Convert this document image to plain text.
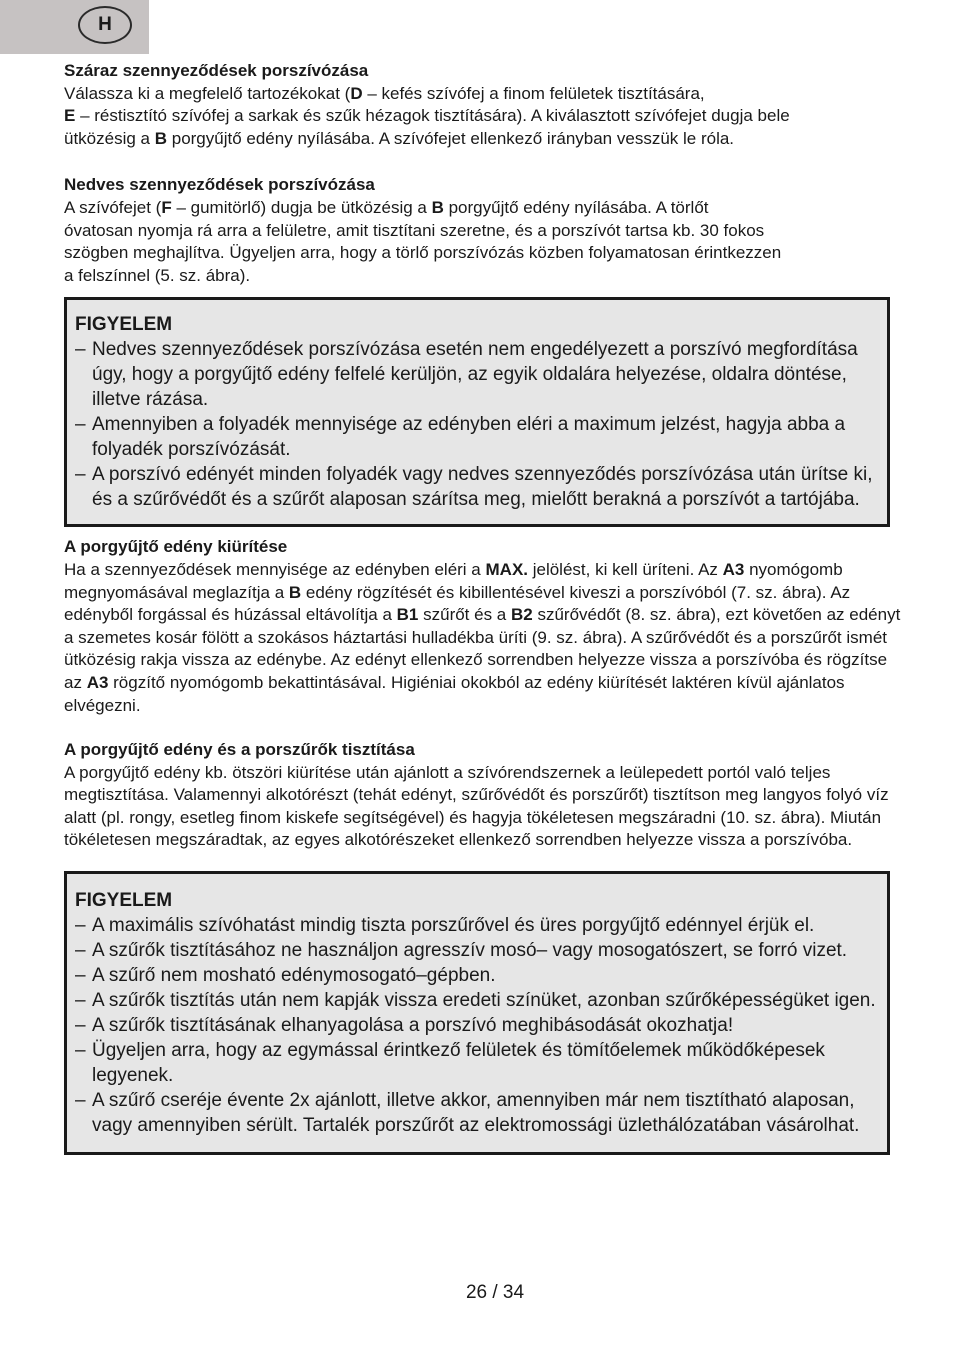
H
Száraz szennyeződések porszívózása

Válassza ki a megfelelő tartozékokat (D – kefés szívófej a finom felületek tisztítására,

E – réstisztító szívófej a sarkak és szűk hézagok tisztítására). A kiválasztott szívófejet dugja bele

ütközésig a B porgyűjtő edény nyílásába. A szívófejet ellenkező irányban vesszük le róla.

Nedves szennyeződések porszívózása

A szívófejet (F – gumitörlő) dugja be ütközésig a B porgyűjtő edény nyílásába. A törlőt

óvatosan nyomja rá arra a felületre, amit tisztítani szeretne, és a porszívót tartsa kb. 30 fokos

szögben meghajlítva. Ügyeljen arra, hogy a törlő porszívózás közben folyamatosan érintkezzen

a felszínnel (5. sz. ábra).

FIGYELEM
– Nedves szennyeződések porszívózása esetén nem engedélyezett a porszívó megfordítása úgy, hogy a porgyűjtő edény felfelé kerüljön, az egyik oldalára helyezése, oldalra döntése, illetve rázása.
– Amennyiben a folyadék mennyisége az edényben eléri a maximum jelzést, hagyja abba a folyadék porszívózását.
– A porszívó edényét minden folyadék vagy nedves szennyeződés porszívózása után ürítse ki, és a szűrővédőt és a szűrőt alaposan szárítsa meg, mielőtt berakná a porszívót a tartójába.
A porgyűjtő edény kiürítése

Ha a szennyeződések mennyisége az edényben eléri a MAX. jelölést, ki kell üríteni. Az A3 nyomógomb megnyomásával meglazítja a B edény rögzítését és kibillentésével kiveszi a porszívóból (7. sz. ábra). Az edényből forgással és húzással eltávolítja a B1 szűrőt és a B2 szűrővédőt (8. sz. ábra), ezt követően az edényt a szemetes kosár fölött a szokásos háztartási hulladékba üríti (9. sz. ábra). A szűrővédőt és a porszűrőt ismét ütközésig rakja vissza az edénybe. Az edényt ellenkező sorrendben helyezze vissza a porszívóba és rögzítse az A3 rögzítő nyomógomb bekattintásával. Higiéniai okokból az edény kiürítését laktéren kívül ajánlatos elvégezni.

A porgyűjtő edény és a porszűrők tisztítása

A porgyűjtő edény kb. ötszöri kiürítése után ajánlott a szívórendszernek a leülepedett portól való teljes megtisztítása. Valamennyi alkotórészt (tehát edényt, szűrővédőt és porszűrőt) tisztítson meg langyos folyó víz alatt (pl. rongy, esetleg finom kiskefe segítségével) és hagyja tökéletesen megszáradni (10. sz. ábra). Miután tökéletesen megszáradtak, az egyes alkotórészeket ellenkező sorrendben helyezze vissza a porszívóba.

FIGYELEM
– A maximális szívóhatást mindig tiszta porszűrővel és üres porgyűjtő edénnyel érjük el.
– A szűrők tisztításához ne használjon agresszív mosó– vagy mosogatószert, se forró vizet.
– A szűrő nem mosható edénymosogató–gépben.
– A szűrők tisztítás után nem kapják vissza eredeti színüket, azonban szűrőképességüket igen.
– A szűrők tisztításának elhanyagolása a porszívó meghibásodását okozhatja!
– Ügyeljen arra, hogy az egymással érintkező felületek és tömítőelemek működőképesek legyenek.
– A szűrő cseréje évente 2x ajánlott, illetve akkor, amennyiben már nem tisztítható alaposan, vagy amennyiben sérült. Tartalék porszűrőt az elektromossági üzlethálózatában vásárolhat.
26 / 34
